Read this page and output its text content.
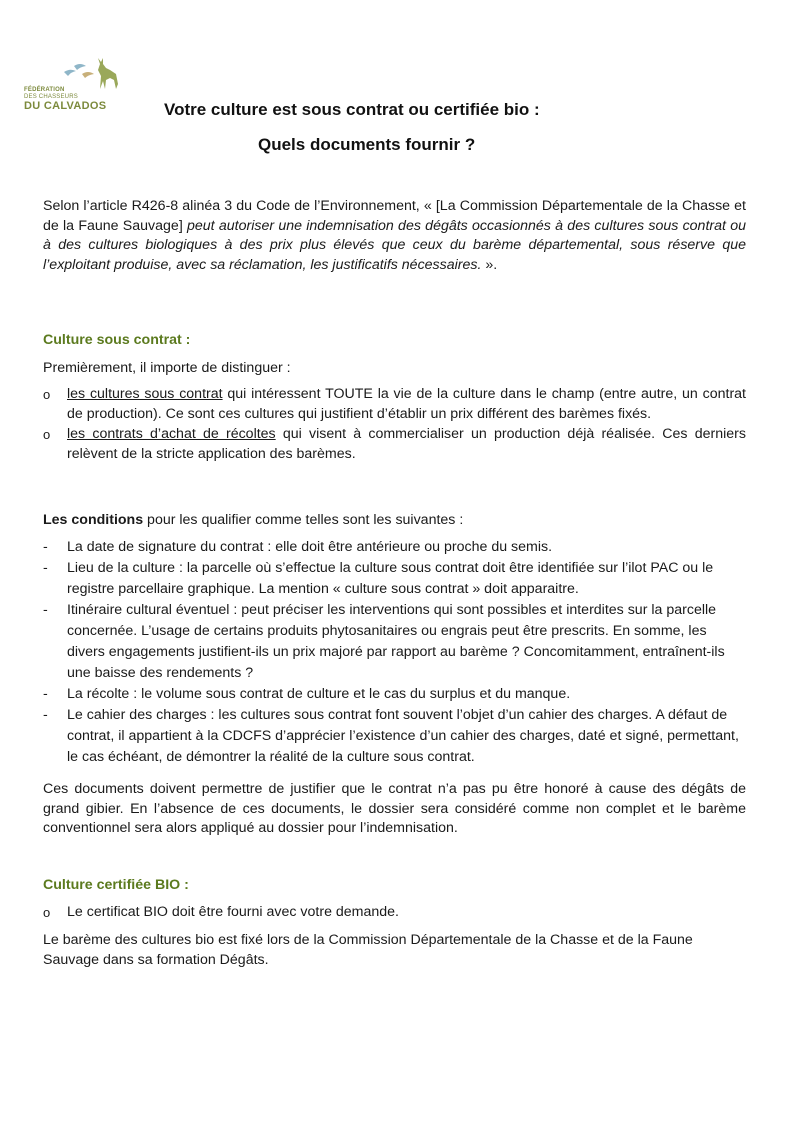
FÉDÉRATION
DES CHASSEURS
DU CALVADOS	Votre culture est sous contrat ou certifiée bio :
Quels documents fournir ?
Selon l’article R426-8 alinéa 3 du Code de l’Environnement, « [La Commission Départementale de la Chasse et de la Faune Sauvage] peut autoriser une indemnisation des dégâts occasionnés à des cultures sous contrat ou à des cultures biologiques à des prix plus élevés que ceux du barème départemental, sous réserve que l’exploitant produise, avec sa réclamation, les justificatifs nécessaires. ».
Culture sous contrat :
Premièrement, il importe de distinguer :
o les cultures sous contrat qui intéressent TOUTE la vie de la culture dans le champ (entre autre, un contrat de production). Ce sont ces cultures qui justifient d’établir un prix différent des barèmes fixés.
o les contrats d’achat de récoltes qui visent à commercialiser un production déjà réalisée. Ces derniers relèvent de la stricte application des barèmes.
Les conditions pour les qualifier comme telles sont les suivantes :
- La date de signature du contrat : elle doit être antérieure ou proche du semis.
- Lieu de la culture : la parcelle où s’effectue la culture sous contrat doit être identifiée sur l’ilot PAC ou le registre parcellaire graphique. La mention « culture sous contrat » doit apparaitre.
- Itinéraire cultural éventuel : peut préciser les interventions qui sont possibles et interdites sur la parcelle concernée. L’usage de certains produits phytosanitaires ou engrais peut être prescrits. En somme, les divers engagements justifient-ils un prix majoré par rapport au barème ? Concomitamment, entraînent-ils une baisse des rendements ?
- La récolte : le volume sous contrat de culture et le cas du surplus et du manque.
- Le cahier des charges : les cultures sous contrat font souvent l’objet d’un cahier des charges. A défaut de contrat, il appartient à la CDCFS d’apprécier l’existence d’un cahier des charges, daté et signé, permettant, le cas échéant, de démontrer la réalité de la culture sous contrat.
Ces documents doivent permettre de justifier que le contrat n’a pas pu être honoré à cause des dégâts de grand gibier. En l’absence de ces documents, le dossier sera considéré comme non complet et le barème conventionnel sera alors appliqué au dossier pour l’indemnisation.
Culture certifiée BIO :
o Le certificat BIO doit être fourni avec votre demande.
Le barème des cultures bio est fixé lors de la Commission Départementale de la Chasse et de la Faune Sauvage dans sa formation Dégâts.
